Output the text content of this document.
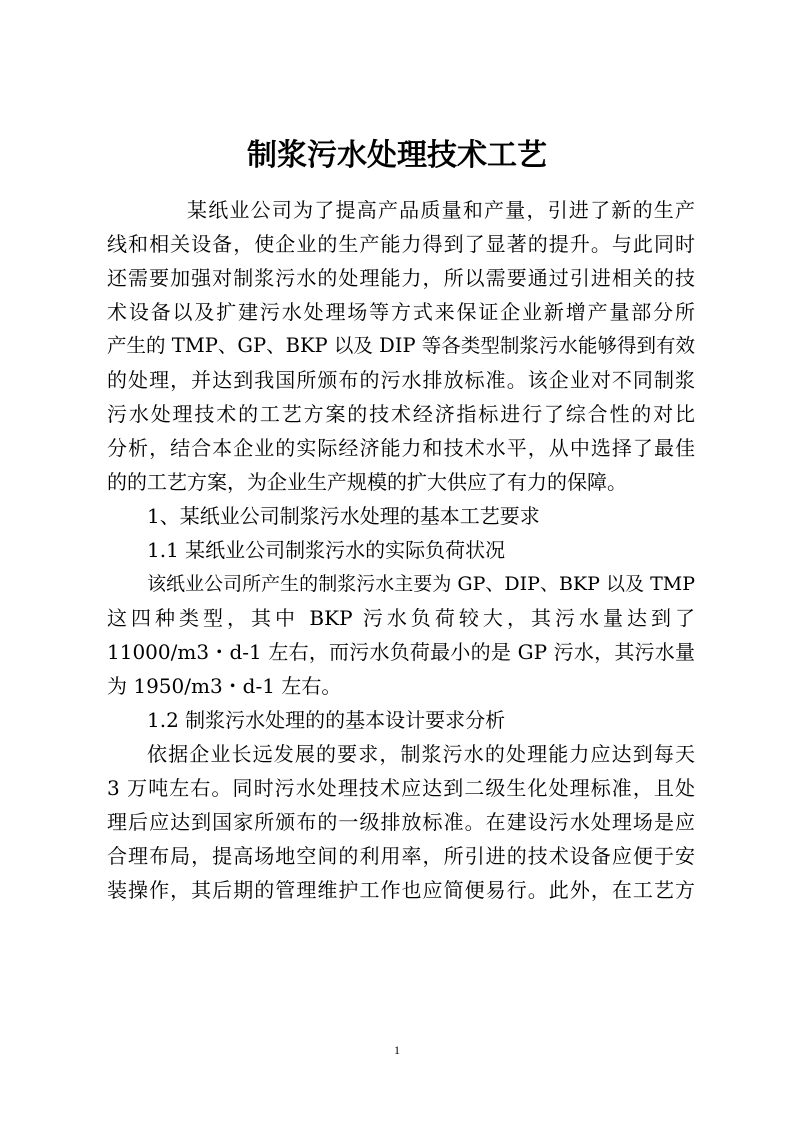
制浆污水处理技术工艺
某纸业公司为了提高产品质量和产量，引进了新的生产
线和相关设备，使企业的生产能力得到了显著的提升。与此同时
还需要加强对制浆污水的处理能力，所以需要通过引进相关的技
术设备以及扩建污水处理场等方式来保证企业新增产量部分所
产生的 TMP、GP、BKP 以及 DIP 等各类型制浆污水能够得到有效
的处理，并达到我国所颁布的污水排放标准。该企业对不同制浆
污水处理技术的工艺方案的技术经济指标进行了综合性的对比
分析，结合本企业的实际经济能力和技术水平，从中选择了最佳
的的工艺方案，为企业生产规模的扩大供应了有力的保障。
1、某纸业公司制浆污水处理的基本工艺要求
1.1 某纸业公司制浆污水的实际负荷状况
该纸业公司所产生的制浆污水主要为 GP、DIP、BKP 以及 TMP
这四种类型，其中 BKP 污水负荷较大，其污水量达到了
11000/m3・d-1 左右，而污水负荷最小的是 GP 污水，其污水量
为 1950/m3・d-1 左右。
1.2 制浆污水处理的的基本设计要求分析
依据企业长远发展的要求，制浆污水的处理能力应达到每天
3 万吨左右。同时污水处理技术应达到二级生化处理标准，且处
理后应达到国家所颁布的一级排放标准。在建设污水处理场是应
合理布局，提高场地空间的利用率，所引进的技术设备应便于安
装操作，其后期的管理维护工作也应简便易行。此外，在工艺方
1
